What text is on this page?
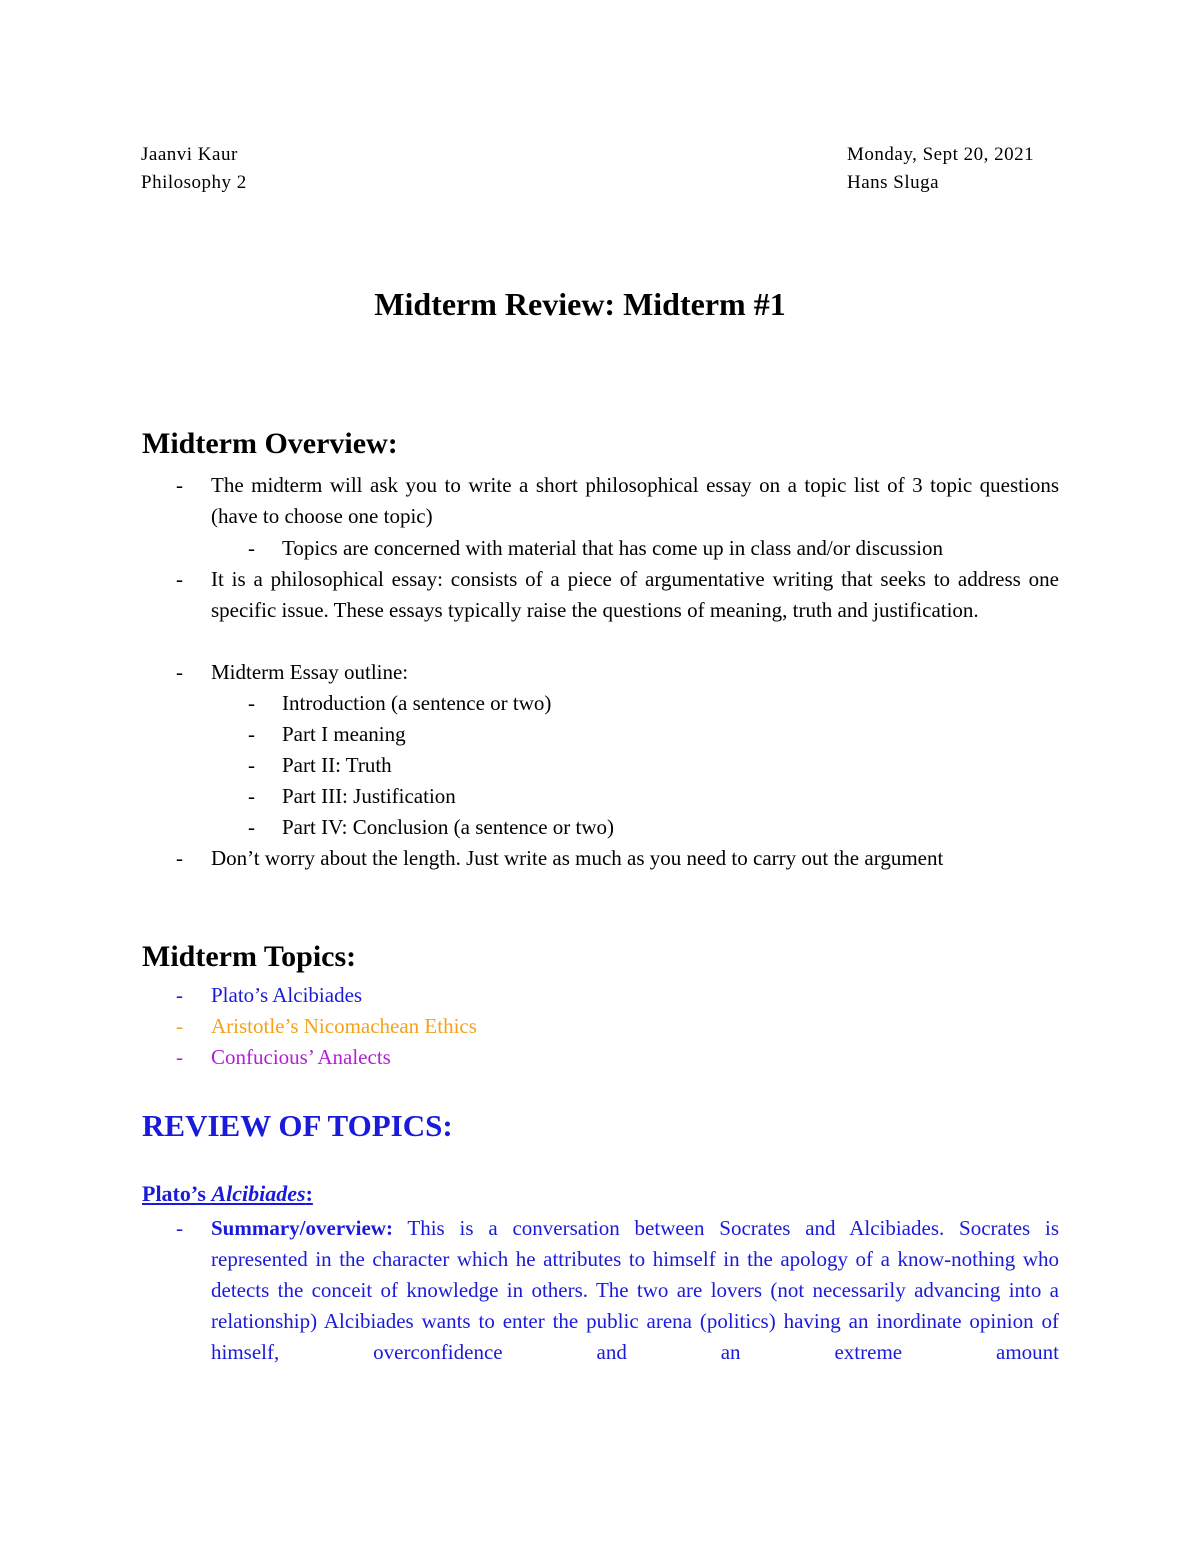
Jaanvi Kaur
Philosophy 2
Monday, Sept 20, 2021
Hans Sluga
Midterm Review: Midterm #1
Midterm Overview:
-	The midterm will ask you to write a short philosophical essay on a topic list of 3 topic questions (have to choose one topic)
-	Topics are concerned with material that has come up in class and/or discussion
-	It is a philosophical essay: consists of a piece of argumentative writing that seeks to address one specific issue. These essays typically raise the questions of meaning, truth and justification.
-	Midterm Essay outline:
-	Introduction (a sentence or two)
-	Part I meaning
-	Part II: Truth
-	Part III: Justification
-	Part IV: Conclusion (a sentence or two)
-	Don’t worry about the length. Just write as much as you need to carry out the argument
Midterm Topics:
-	Plato’s Alcibiades
-	Aristotle’s Nicomachean Ethics
-	Confucious’ Analects
REVIEW OF TOPICS:
Plato’s Alcibiades:
-	Summary/overview: This is a conversation between Socrates and Alcibiades. Socrates is represented in the character which he attributes to himself in the apology of a know-nothing who detects the conceit of knowledge in others. The two are lovers (not necessarily advancing into a relationship) Alcibiades wants to enter the public arena (politics) having an inordinate opinion of himself, overconfidence and an extreme amount
